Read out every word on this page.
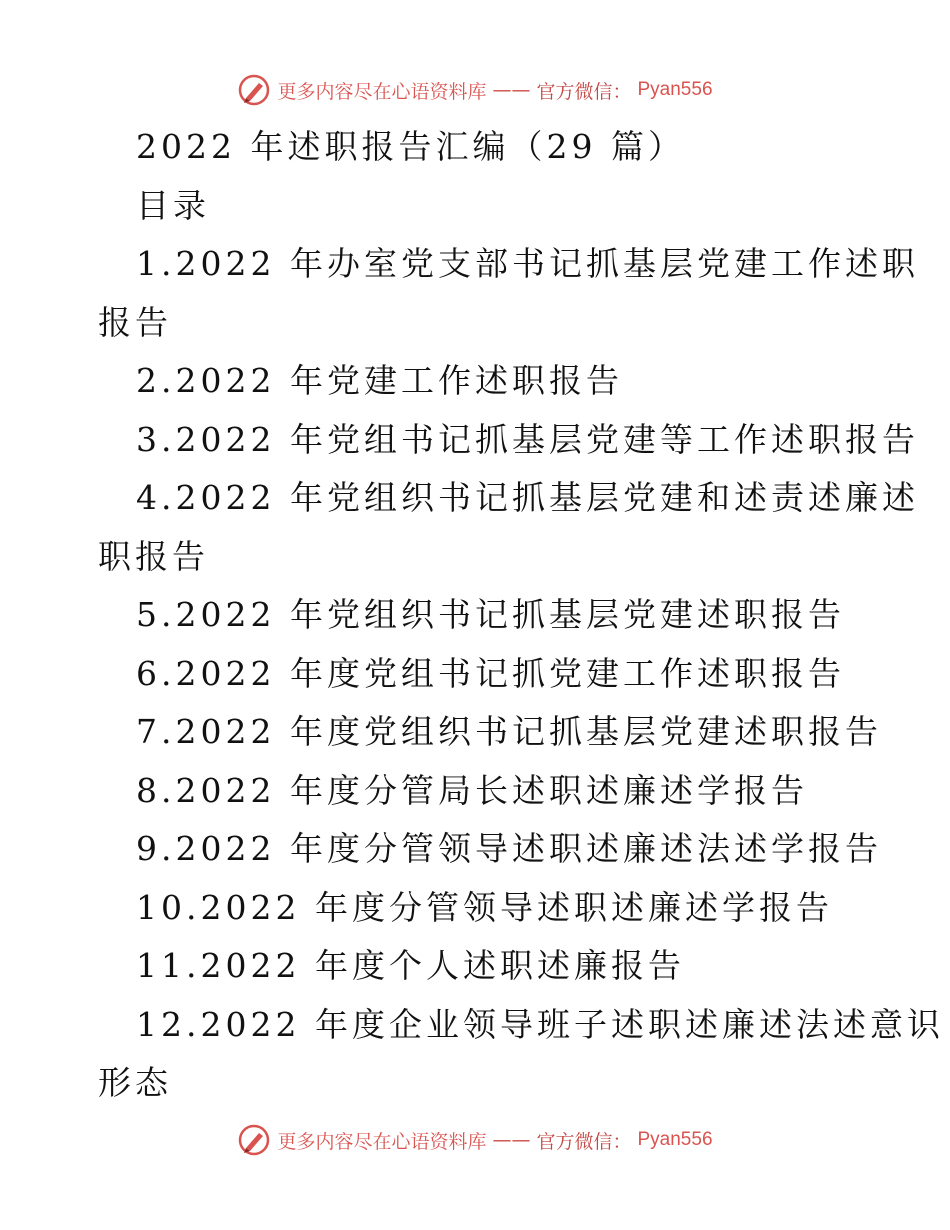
更多内容尽在心语资料库 —— 官方微信： Pyan556
2022 年述职报告汇编（29 篇）
目录
1.2022 年办室党支部书记抓基层党建工作述职
报告
2.2022 年党建工作述职报告
3.2022 年党组书记抓基层党建等工作述职报告
4.2022 年党组织书记抓基层党建和述责述廉述
职报告
5.2022 年党组织书记抓基层党建述职报告
6.2022 年度党组书记抓党建工作述职报告
7.2022 年度党组织书记抓基层党建述职报告
8.2022 年度分管局长述职述廉述学报告
9.2022 年度分管领导述职述廉述法述学报告
10.2022 年度分管领导述职述廉述学报告
11.2022 年度个人述职述廉报告
12.2022 年度企业领导班子述职述廉述法述意识
形态
更多内容尽在心语资料库 —— 官方微信： Pyan556
